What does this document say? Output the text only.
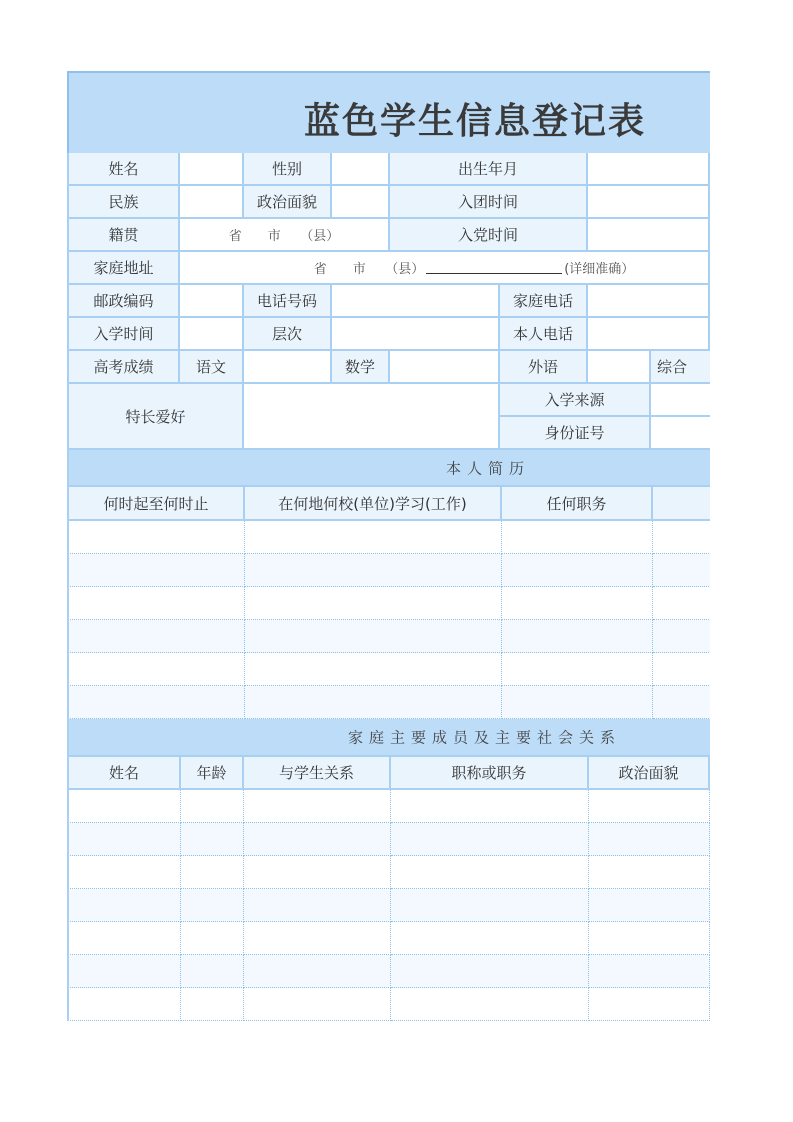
蓝色学生信息登记表
姓名	性别	出生年月
民族	政治面貌	入团时间
籍贯	省　　市　　（县）	入党时间
家庭地址	省　　市　　（县）	(详细准确）
邮政编码	电话号码	家庭电话
入学时间	层次	本人电话
高考成绩	语文	数学	外语	综合
特长爱好
入学来源
身份证号
本人简历
何时起至何时止	在何地何校(单位)学习(工作)	任何职务
家庭主要成员及主要社会关系
姓名	年龄	与学生关系	职称或职务	政治面貌
